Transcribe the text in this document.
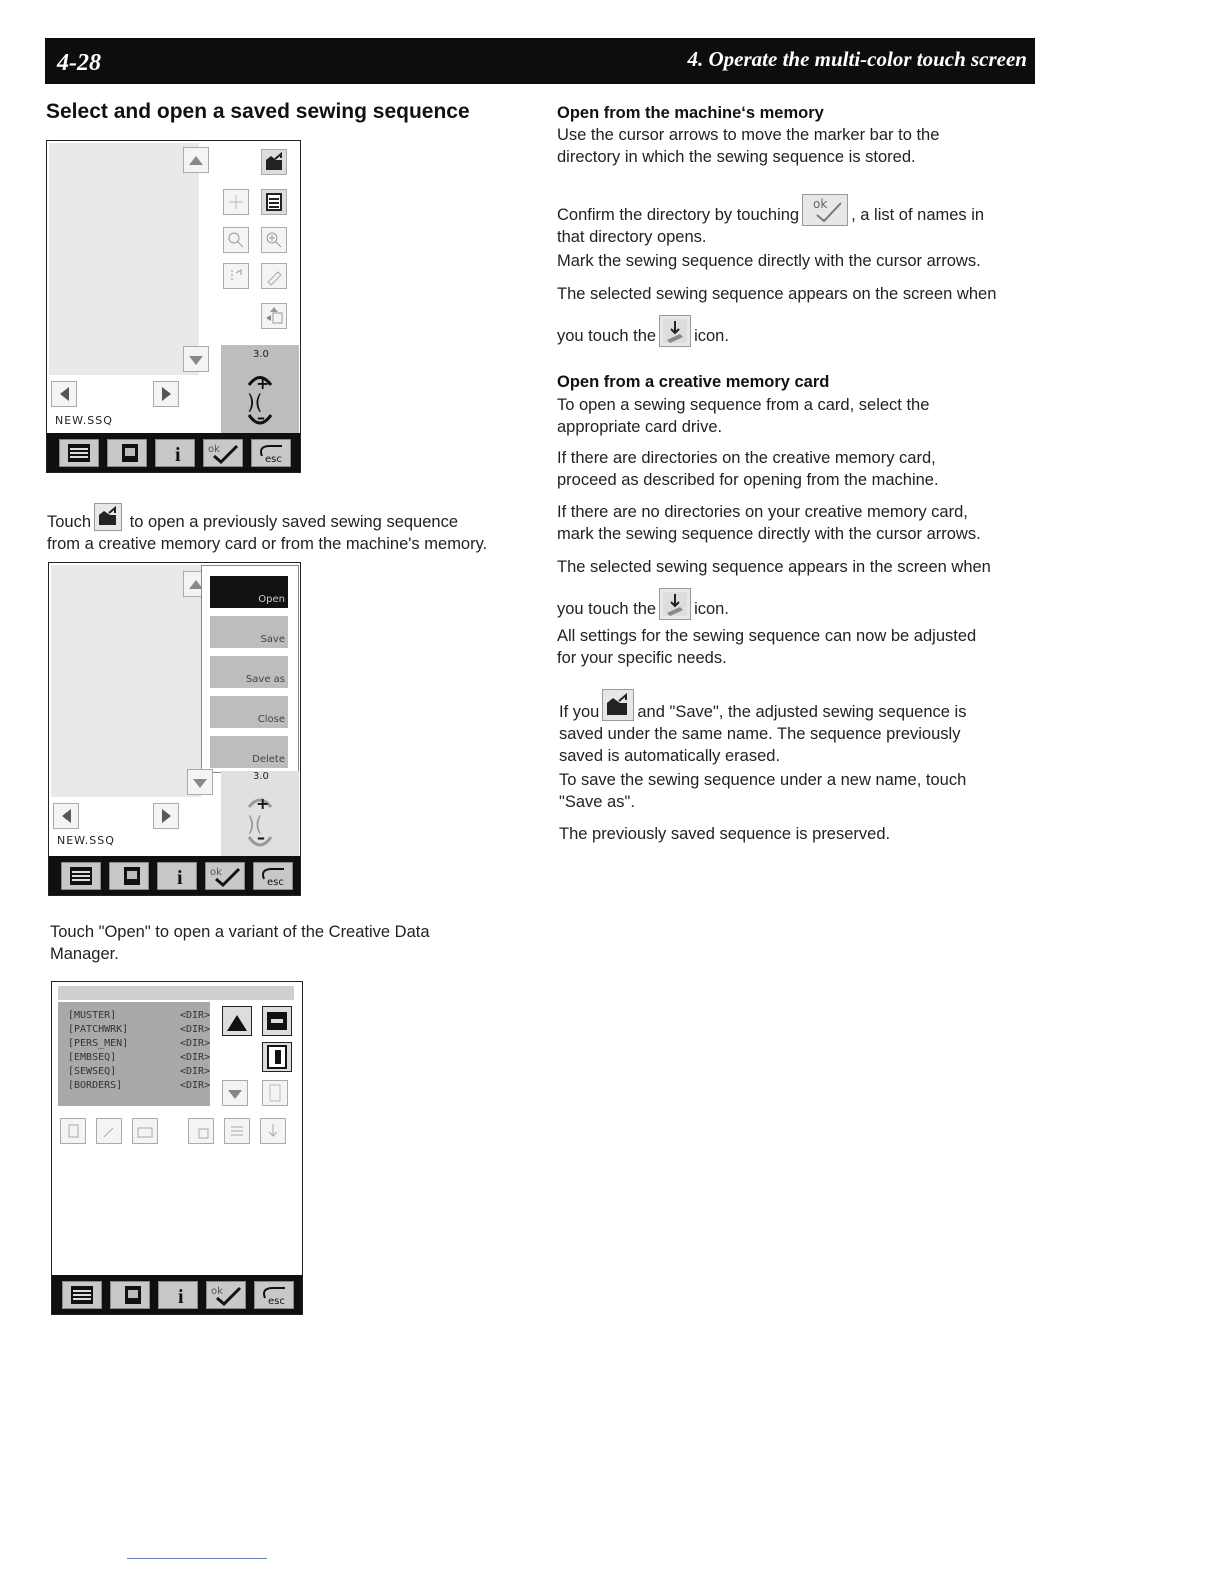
4-28	4. Operate the multi-color touch screen
Select and open a saved sewing sequence
3.0
+
)(
–
NEW.SSQ
i	ok
esc
Touch to open a previously saved sewing sequence
from a creative memory card or from the machine's memory.
Open
Save
Save as
Close
Delete
3.0
+
)(
–
NEW.SSQ
i	ok
esc
Touch "Open" to open a variant of the Creative Data
Manager.
[MUSTER]	<DIR>
[PATCHWRK]	<DIR>
[PERS_MEN]	<DIR>
[EMBSEQ]	<DIR>
[SEWSEQ]	<DIR>
[BORDERS]	<DIR>
i	ok
esc
Open from the machine‘s memory
Use the cursor arrows to move the marker bar to the
directory in which the sewing sequence is stored.
Confirm the directory by touching
ok
, a list of names in
that directory opens.
Mark the sewing sequence directly with the cursor arrows.
The selected sewing sequence appears on the screen when
you touch the icon.
Open from a creative memory card
To open a sewing sequence from a card, select the
appropriate card drive.
If there are directories on the creative memory card,
proceed as described for opening from the machine.
If there are no directories on your creative memory card,
mark the sewing sequence directly with the cursor arrows.
The selected sewing sequence appears in the screen when
you touch the icon.
All settings for the sewing sequence can now be adjusted
for your specific needs.
If you and "Save", the adjusted sewing sequence is
saved under the same name. The sequence previously
saved is automatically erased.
To save the sewing sequence under a new name, touch
"Save as".
The previously saved sequence is preserved.
